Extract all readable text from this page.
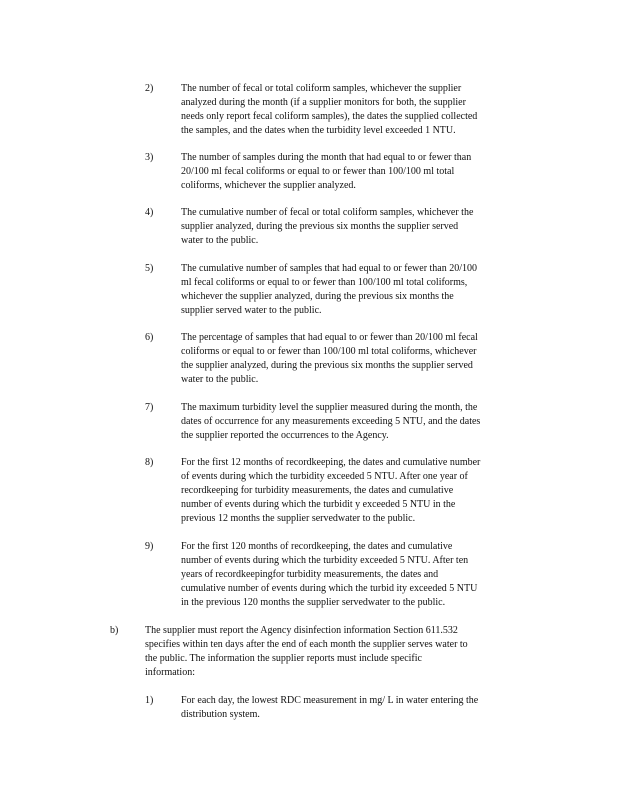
2)	The number of fecal or total coliform samples, whichever the supplier
analyzed during the month (if a supplier monitors for both, the supplier
needs only report fecal coliform samples), the dates the supplied collected
the samples, and the dates when the turbidity level exceeded 1 NTU.
3)	The number of samples during the month that had equal to or fewer than
20/100 ml fecal coliforms or equal to or fewer than 100/100 ml total
coliforms, whichever the supplier analyzed.
4)	The cumulative number of fecal or total coliform samples, whichever the
supplier analyzed, during the previous six months the supplier served
water to the public.
5)	The cumulative number of samples that had equal to or fewer than 20/100
ml fecal coliforms or equal to or fewer than 100/100 ml total coliforms,
whichever the supplier analyzed, during the previous six months the
supplier served water to the public.
6)	The percentage of samples that had equal to or fewer than 20/100 ml fecal
coliforms or equal to or fewer than 100/100 ml total coliforms, whichever
the supplier analyzed, during the previous six months the supplier served
water to the public.
7)	The maximum turbidity level the supplier measured during the month, the
dates of occurrence for any measurements exceeding 5 NTU, and the dates
the supplier reported the occurrences to the Agency.
8)	For the first 12 months of recordkeeping, the dates and cumulative number
of events during which the turbidity exceeded 5 NTU. After one year of
recordkeeping for turbidity measurements, the dates and cumulative
number of events during which the turbidit y exceeded 5 NTU in the
previous 12 months the supplier servedwater to the public.
9)	For the first 120 months of recordkeeping, the dates and cumulative
number of events during which the turbidity exceeded 5 NTU. After ten
years of recordkeepingfor turbidity measurements, the dates and
cumulative number of events during which the turbid ity exceeded 5 NTU
in the previous 120 months the supplier servedwater to the public.
b)	The supplier must report the Agency disinfection information Section 611.532
specifies within ten days after the end of each month the supplier serves water to
the public. The information the supplier reports must include specific
information:
1)	For each day, the lowest RDC measurement in mg/ L in water entering the
distribution system.
